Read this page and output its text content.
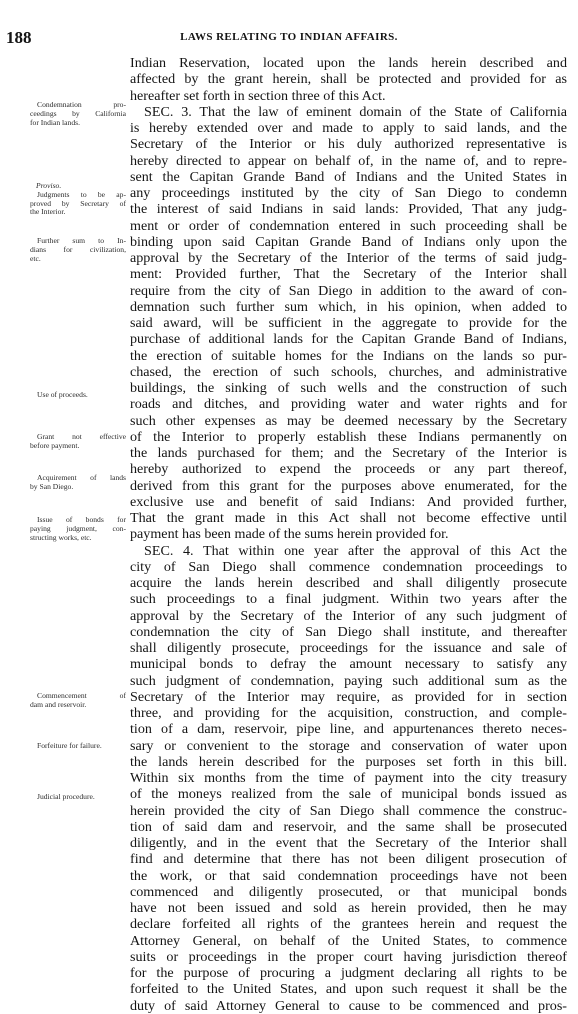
188	LAWS RELATING TO INDIAN AFFAIRS.
Indian Reservation, located upon the lands herein described and
affected by the grant herein, shall be protected and provided for as
hereafter set forth in section three of this Act.
SEC. 3. That the law of eminent domain of the State of California
is hereby extended over and made to apply to said lands, and the
Secretary of the Interior or his duly authorized representative is
hereby directed to appear on behalf of, in the name of, and to repre-
sent the Capitan Grande Band of Indians and the United States in
any proceedings instituted by the city of San Diego to condemn
the interest of said Indians in said lands: Provided, That any judg-
ment or order of condemnation entered in such proceeding shall be
binding upon said Capitan Grande Band of Indians only upon the
approval by the Secretary of the Interior of the terms of said judg-
ment: Provided further, That the Secretary of the Interior shall
require from the city of San Diego in addition to the award of con-
demnation such further sum which, in his opinion, when added to
said award, will be sufficient in the aggregate to provide for the
purchase of additional lands for the Capitan Grande Band of Indians,
the erection of suitable homes for the Indians on the lands so pur-
chased, the erection of such schools, churches, and administrative
buildings, the sinking of such wells and the construction of such
roads and ditches, and providing water and water rights and for
such other expenses as may be deemed necessary by the Secretary
of the Interior to properly establish these Indians permanently on
the lands purchased for them; and the Secretary of the Interior is
hereby authorized to expend the proceeds or any part thereof,
derived from this grant for the purposes above enumerated, for the
exclusive use and benefit of said Indians: And provided further,
That the grant made in this Act shall not become effective until
payment has been made of the sums herein provided for.
SEC. 4. That within one year after the approval of this Act the
city of San Diego shall commence condemnation proceedings to
acquire the lands herein described and shall diligently prosecute
such proceedings to a final judgment. Within two years after the
approval by the Secretary of the Interior of any such judgment of
condemnation the city of San Diego shall institute, and thereafter
shall diligently prosecute, proceedings for the issuance and sale of
municipal bonds to defray the amount necessary to satisfy any
such judgment of condemnation, paying such additional sum as the
Secretary of the Interior may require, as provided for in section
three, and providing for the acquisition, construction, and comple-
tion of a dam, reservoir, pipe line, and appurtenances thereto neces-
sary or convenient to the storage and conservation of water upon
the lands herein described for the purposes set forth in this bill.
Within six months from the time of payment into the city treasury
of the moneys realized from the sale of municipal bonds issued as
herein provided the city of San Diego shall commence the construc-
tion of said dam and reservoir, and the same shall be prosecuted
diligently, and in the event that the Secretary of the Interior shall
find and determine that there has not been diligent prosecution of
the work, or that said condemnation proceedings have not been
commenced and diligently prosecuted, or that municipal bonds
have not been issued and sold as herein provided, then he may
declare forfeited all rights of the grantees herein and request the
Attorney General, on behalf of the United States, to commence
suits or proceedings in the proper court having jurisdiction thereof
for the purpose of procuring a judgment declaring all rights to be
forfeited to the United States, and upon such request it shall be the
duty of said Attorney General to cause to be commenced and pros-
Condemnation pro-
ceedings by California
for Indian lands.
Proviso.
Judgments to be ap-
proved by Secretary of
the Interior.
Further sum to In-
dians for civilization,
etc.
Use of proceeds.
Grant not effective
before payment.
Acquirement of lands
by San Diego.
Issue of bonds for
paying judgment, con-
structing works, etc.
Commencement of
dam and reservoir.
Forfeiture for failure.
Judicial procedure.
